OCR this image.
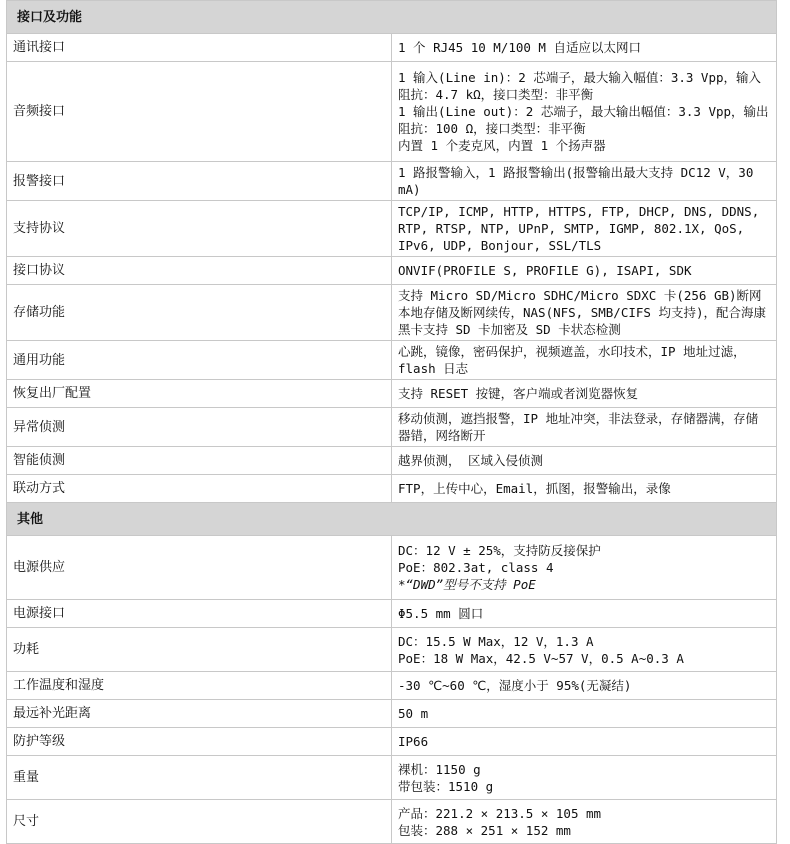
接口及功能	
通讯接口	1 个 RJ45 10 M/100 M 自适应以太网口

音频接口	1 输入(Line in)：2 芯端子，最大输入幅值：3.3 Vpp，输入阻抗：4.7 kΩ，接口类型：非平衡
1 输出(Line out)：2 芯端子，最大输出幅值：3.3 Vpp，输出阻抗：100 Ω，接口类型：非平衡
内置 1 个麦克风，内置 1 个扬声器

报警接口	1 路报警输入，1 路报警输出(报警输出最大支持 DC12 V，30 mA)

支持协议	TCP/IP, ICMP, HTTP, HTTPS, FTP, DHCP, DNS, DDNS, RTP, RTSP, NTP, UPnP, SMTP, IGMP, 802.1X, QoS, IPv6, UDP, Bonjour, SSL/TLS

接口协议	ONVIF(PROFILE S, PROFILE G), ISAPI, SDK

存储功能	支持 Micro SD/Micro SDHC/Micro SDXC 卡(256 GB)断网本地存储及断网续传，NAS(NFS, SMB/CIFS 均支持)，配合海康黑卡支持 SD 卡加密及 SD 卡状态检测

通用功能	心跳，镜像，密码保护，视频遮盖，水印技术，IP 地址过滤，flash 日志

恢复出厂配置	支持 RESET 按键，客户端或者浏览器恢复

异常侦测	移动侦测，遮挡报警，IP 地址冲突，非法登录，存储器满，存储器错，网络断开

智能侦测	越界侦测， 区域入侵侦测

联动方式	FTP，上传中心，Email，抓图，报警输出，录像

其他	
电源供应	DC：12 V ± 25%，支持防反接保护
PoE：802.3at, class 4
*“DWD”型号不支持 PoE

电源接口	Φ5.5 mm 圆口

功耗	DC：15.5 W Max，12 V，1.3 A
PoE：18 W Max，42.5 V~57 V，0.5 A~0.3 A

工作温度和湿度	-30 ℃~60 ℃，湿度小于 95%(无凝结)

最远补光距离	50 m

防护等级	IP66

重量	裸机：1150 g
带包装：1510 g

尺寸	产品：221.2 × 213.5 × 105 mm
包装：288 × 251 × 152 mm
